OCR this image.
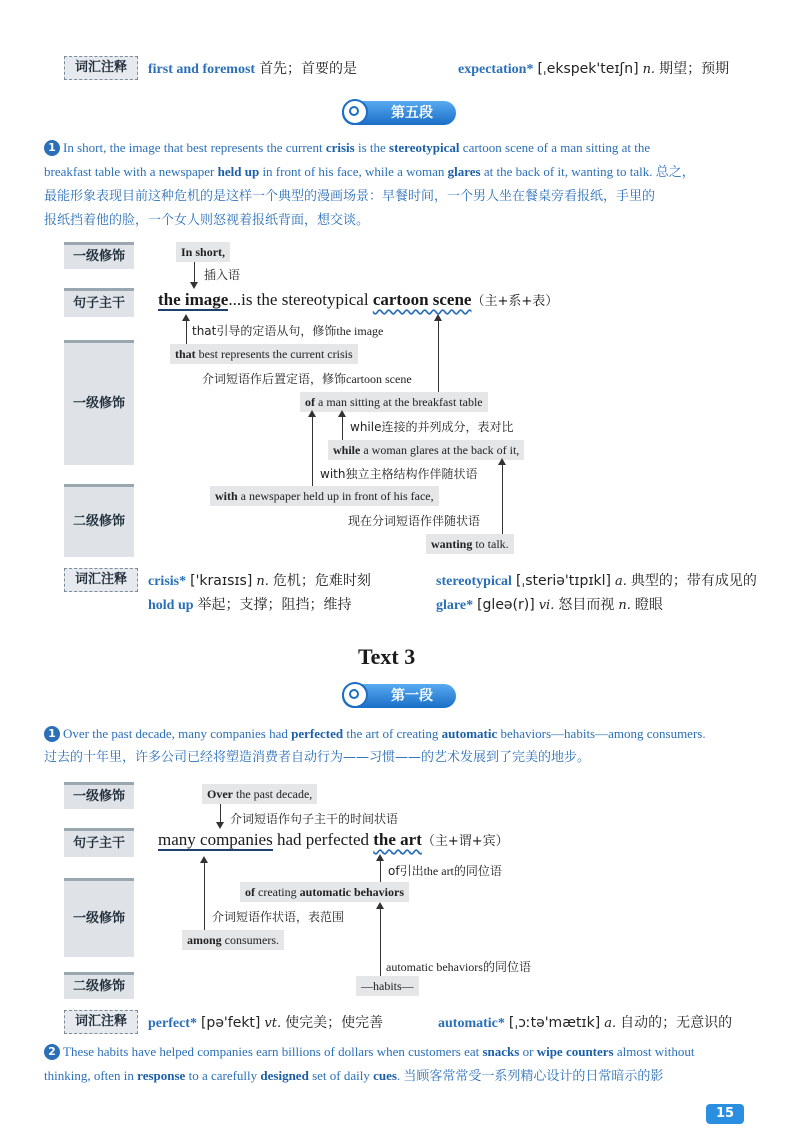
词汇注释	first and foremost 首先；首要的是	expectation* [ˌekspek'teɪʃn] n. 期望；预期
第五段
1 In short, the image that best represents the current crisis is the stereotypical cartoon scene of a man sitting at the
breakfast table with a newspaper held up in front of his face, while a woman glares at the back of it, wanting to talk. 总之，
最能形象表现目前这种危机的是这样一个典型的漫画场景：早餐时间，一个男人坐在餐桌旁看报纸，手里的
报纸挡着他的脸，一个女人则怒视着报纸背面，想交谈。
一级修饰
句子主干
一级修饰
二级修饰
In short,
插入语
the image...is the stereotypical cartoon scene（主+系+表）
that引导的定语从句，修饰the image
that best represents the current crisis
介词短语作后置定语，修饰cartoon scene
of a man sitting at the breakfast table
while连接的并列成分，表对比
while a woman glares at the back of it,
with独立主格结构作伴随状语
with a newspaper held up in front of his face,
现在分词短语作伴随状语
wanting to talk.
词汇注释	crisis* ['kraɪsɪs] n. 危机；危难时刻	stereotypical [ˌsteriə'tɪpɪkl] a. 典型的；带有成见的
hold up 举起；支撑；阻挡；维持	glare* [gleə(r)] vi. 怒目而视 n. 瞪眼
Text 3
第一段
1 Over the past decade, many companies had perfected the art of creating automatic behaviors—habits—among consumers.
过去的十年里，许多公司已经将塑造消费者自动行为——习惯——的艺术发展到了完美的地步。
一级修饰
句子主干
一级修饰
二级修饰
Over the past decade,
介词短语作句子主干的时间状语
many companies had perfected the art（主+谓+宾）
of引出the art的同位语
of creating automatic behaviors
介词短语作状语，表范围
among consumers.
automatic behaviors的同位语
—habits—
词汇注释	perfect* [pə'fekt] vt. 使完美；使完善	automatic* [ˌɔːtə'mætɪk] a. 自动的；无意识的
2 These habits have helped companies earn billions of dollars when customers eat snacks or wipe counters almost without
thinking, often in response to a carefully designed set of daily cues. 当顾客常常受一系列精心设计的日常暗示的影
15
